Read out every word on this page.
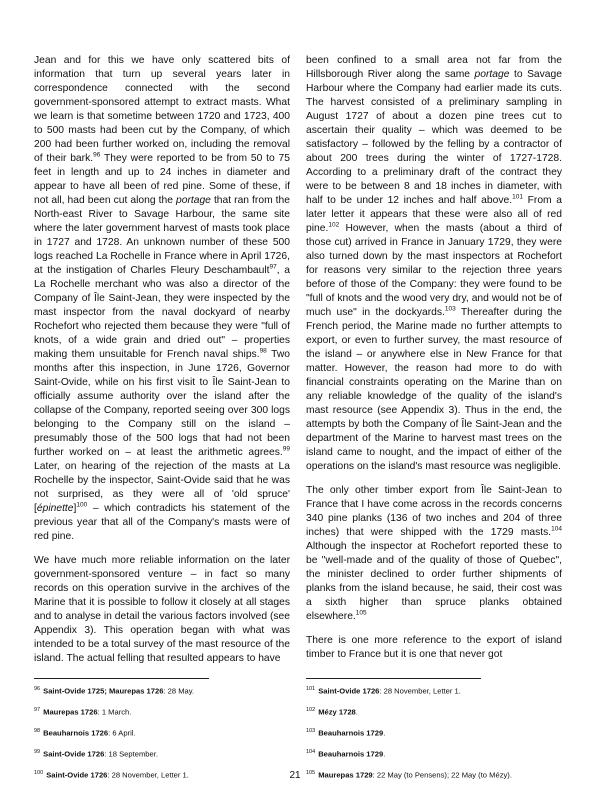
Jean and for this we have only scattered bits of information that turn up several years later in correspondence connected with the second government-sponsored attempt to extract masts. What we learn is that sometime between 1720 and 1723, 400 to 500 masts had been cut by the Company, of which 200 had been further worked on, including the removal of their bark.$^{96}$ They were reported to be from 50 to 75 feet in length and up to 24 inches in diameter and appear to have all been of red pine. Some of these, if not all, had been cut along the portage that ran from the North-east River to Savage Harbour, the same site where the later government harvest of masts took place in 1727 and 1728. An unknown number of these 500 logs reached La Rochelle in France where in April 1726, at the instigation of Charles Fleury Deschambault$^{97}$, a La Rochelle merchant who was also a director of the Company of Île Saint-Jean, they were inspected by the mast inspector from the naval dockyard of nearby Rochefort who rejected them because they were "full of knots, of a wide grain and dried out" – properties making them unsuitable for French naval ships.$^{98}$ Two months after this inspection, in June 1726, Governor Saint-Ovide, while on his first visit to Île Saint-Jean to officially assume authority over the island after the collapse of the Company, reported seeing over 300 logs belonging to the Company still on the island – presumably those of the 500 logs that had not been further worked on – at least the arithmetic agrees.$^{99}$ Later, on hearing of the rejection of the masts at La Rochelle by the inspector, Saint-Ovide said that he was not surprised, as they were all of 'old spruce' [épinette]$^{100}$ – which contradicts his statement of the previous year that all of the Company's masts were of red pine.

We have much more reliable information on the later government-sponsored venture – in fact so many records on this operation survive in the archives of the Marine that it is possible to follow it closely at all stages and to analyse in detail the various factors involved (see Appendix 3). This operation began with what was intended to be a total survey of the mast resource of the island. The actual felling that resulted appears to have

been confined to a small area not far from the Hillsborough River along the same portage to Savage Harbour where the Company had earlier made its cuts. The harvest consisted of a preliminary sampling in August 1727 of about a dozen pine trees cut to ascertain their quality – which was deemed to be satisfactory – followed by the felling by a contractor of about 200 trees during the winter of 1727-1728. According to a preliminary draft of the contract they were to be between 8 and 18 inches in diameter, with half to be under 12 inches and half above.$^{101}$ From a later letter it appears that these were also all of red pine.$^{102}$ However, when the masts (about a third of those cut) arrived in France in January 1729, they were also turned down by the mast inspectors at Rochefort for reasons very similar to the rejection three years before of those of the Company: they were found to be "full of knots and the wood very dry, and would not be of much use" in the dockyards.$^{103}$ Thereafter during the French period, the Marine made no further attempts to export, or even to further survey, the mast resource of the island – or anywhere else in New France for that matter. However, the reason had more to do with financial constraints operating on the Marine than on any reliable knowledge of the quality of the island's mast resource (see Appendix 3). Thus in the end, the attempts by both the Company of Île Saint-Jean and the department of the Marine to harvest mast trees on the island came to nought, and the impact of either of the operations on the island's mast resource was negligible.

The only other timber export from Île Saint-Jean to France that I have come across in the records concerns 340 pine planks (136 of two inches and 204 of three inches) that were shipped with the 1729 masts.$^{104}$ Although the inspector at Rochefort reported these to be "well-made and of the quality of those of Quebec", the minister declined to order further shipments of planks from the island because, he said, their cost was a sixth higher than spruce planks obtained elsewhere.$^{105}$

There is one more reference to the export of island timber to France but it is one that never got

$^{96}$ Saint-Ovide 1725; Maurepas 1726: 28 May.
$^{97}$ Maurepas 1726: 1 March.
$^{98}$ Beauharnois 1726: 6 April.
$^{99}$ Saint-Ovide 1726: 18 September.
$^{100}$ Saint-Ovide 1726: 28 November, Letter 1.
$^{101}$ Saint-Ovide 1726: 28 November, Letter 1.
$^{102}$ Mézy 1728.
$^{103}$ Beauharnois 1729.
$^{104}$ Beauharnois 1729.
$^{105}$ Maurepas 1729: 22 May (to Pensens); 22 May (to Mézy).
21
